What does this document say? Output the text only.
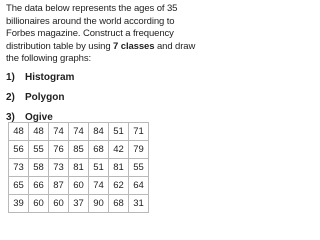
The data below represents the ages of 35 billionaires around the world according to Forbes magazine. Construct a frequency distribution table by using 7 classes and draw the following graphs:
1)	Histogram
2)	Polygon
3)	Ogive
48	48	74	74	84	51	71
56	55	76	85	68	42	79
73	58	73	81	51	81	55
65	66	87	60	74	62	64
39	60	60	37	90	68	31
